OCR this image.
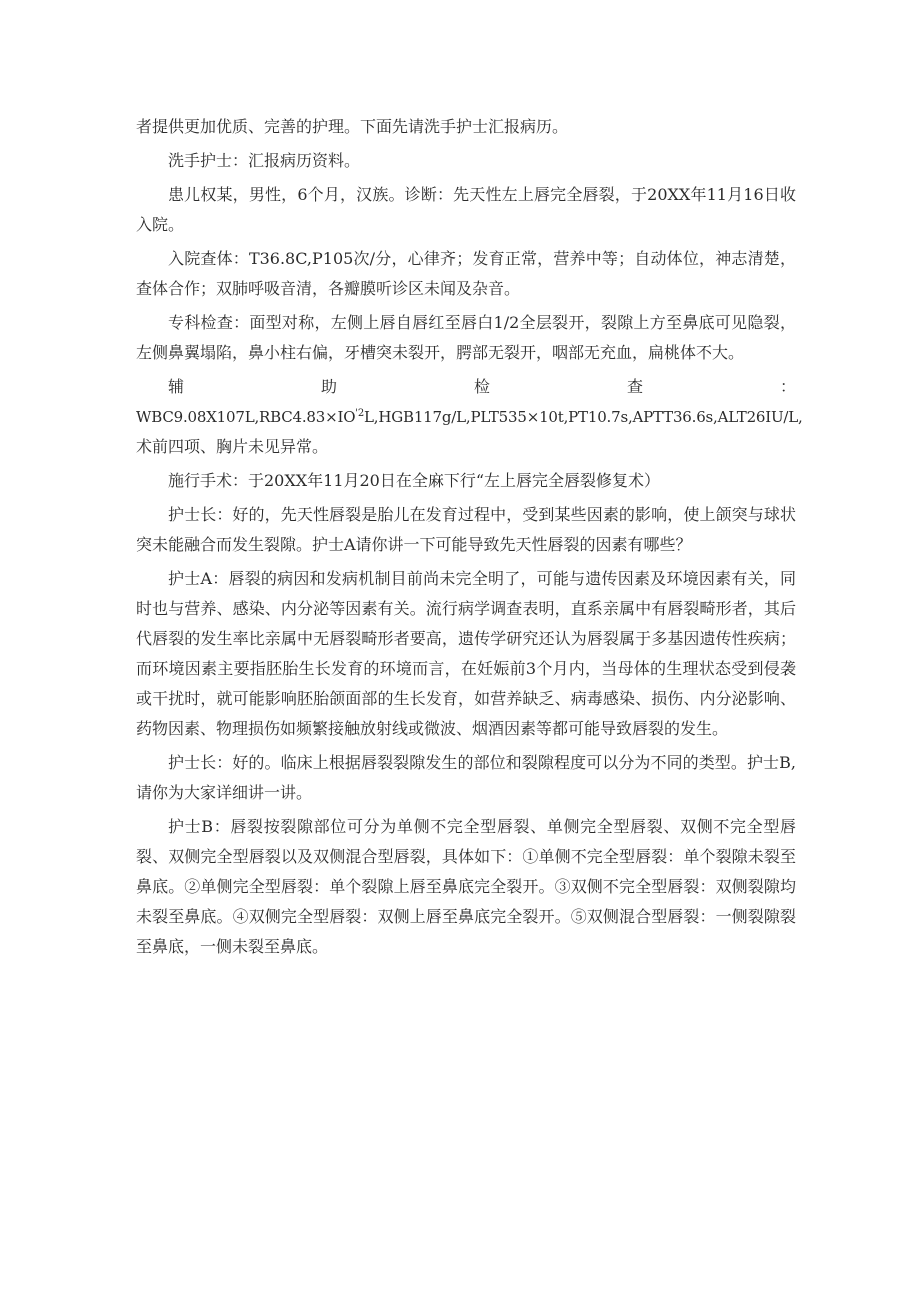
者提供更加优质、完善的护理。下面先请洗手护士汇报病历。

洗手护士：汇报病历资料。

患儿权某，男性，6个月，汉族。诊断：先天性左上唇完全唇裂，于20XX年11月16日收入院。

入院查体：T36.8C,P105次/分，心律齐；发育正常，营养中等；自动体位，神志清楚，查体合作；双肺呼吸音清，各瓣膜听诊区未闻及杂音。

专科检查：面型对称，左侧上唇自唇红至唇白1/2全层裂开，裂隙上方至鼻底可见隐裂，左侧鼻翼塌陷，鼻小柱右偏，牙槽突未裂开，腭部无裂开，咽部无充血，扁桃体不大。

辅	助	检	查	：

$WBC9.08X107L,RBC4.83\times IO^{'2}L,HGB117g/L,PLT535\times 10t,PT10.7s,APTT36.6s,ALT26IU/L$,

术前四项、胸片未见异常。

施行手术：于20XX年11月20日在全麻下行“左上唇完全唇裂修复术）

护士长：好的，先天性唇裂是胎儿在发育过程中，受到某些因素的影响，使上颌突与球状突未能融合而发生裂隙。护士A请你讲一下可能导致先天性唇裂的因素有哪些？

护士A：唇裂的病因和发病机制目前尚未完全明了，可能与遗传因素及环境因素有关，同时也与营养、感染、内分泌等因素有关。流行病学调查表明，直系亲属中有唇裂畸形者，其后代唇裂的发生率比亲属中无唇裂畸形者要高，遗传学研究还认为唇裂属于多基因遗传性疾病；而环境因素主要指胚胎生长发育的环境而言，在妊娠前3个月内，当母体的生理状态受到侵袭或干扰时，就可能影响胚胎颌面部的生长发育，如营养缺乏、病毒感染、损伤、内分泌影响、药物因素、物理损伤如频繁接触放射线或微波、烟酒因素等都可能导致唇裂的发生。

护士长：好的。临床上根据唇裂裂隙发生的部位和裂隙程度可以分为不同的类型。护士B,请你为大家详细讲一讲。

护士B：唇裂按裂隙部位可分为单侧不完全型唇裂、单侧完全型唇裂、双侧不完全型唇裂、双侧完全型唇裂以及双侧混合型唇裂，具体如下：①单侧不完全型唇裂：单个裂隙未裂至鼻底。②单侧完全型唇裂：单个裂隙上唇至鼻底完全裂开。③双侧不完全型唇裂：双侧裂隙均未裂至鼻底。④双侧完全型唇裂：双侧上唇至鼻底完全裂开。⑤双侧混合型唇裂：一侧裂隙裂至鼻底，一侧未裂至鼻底。
